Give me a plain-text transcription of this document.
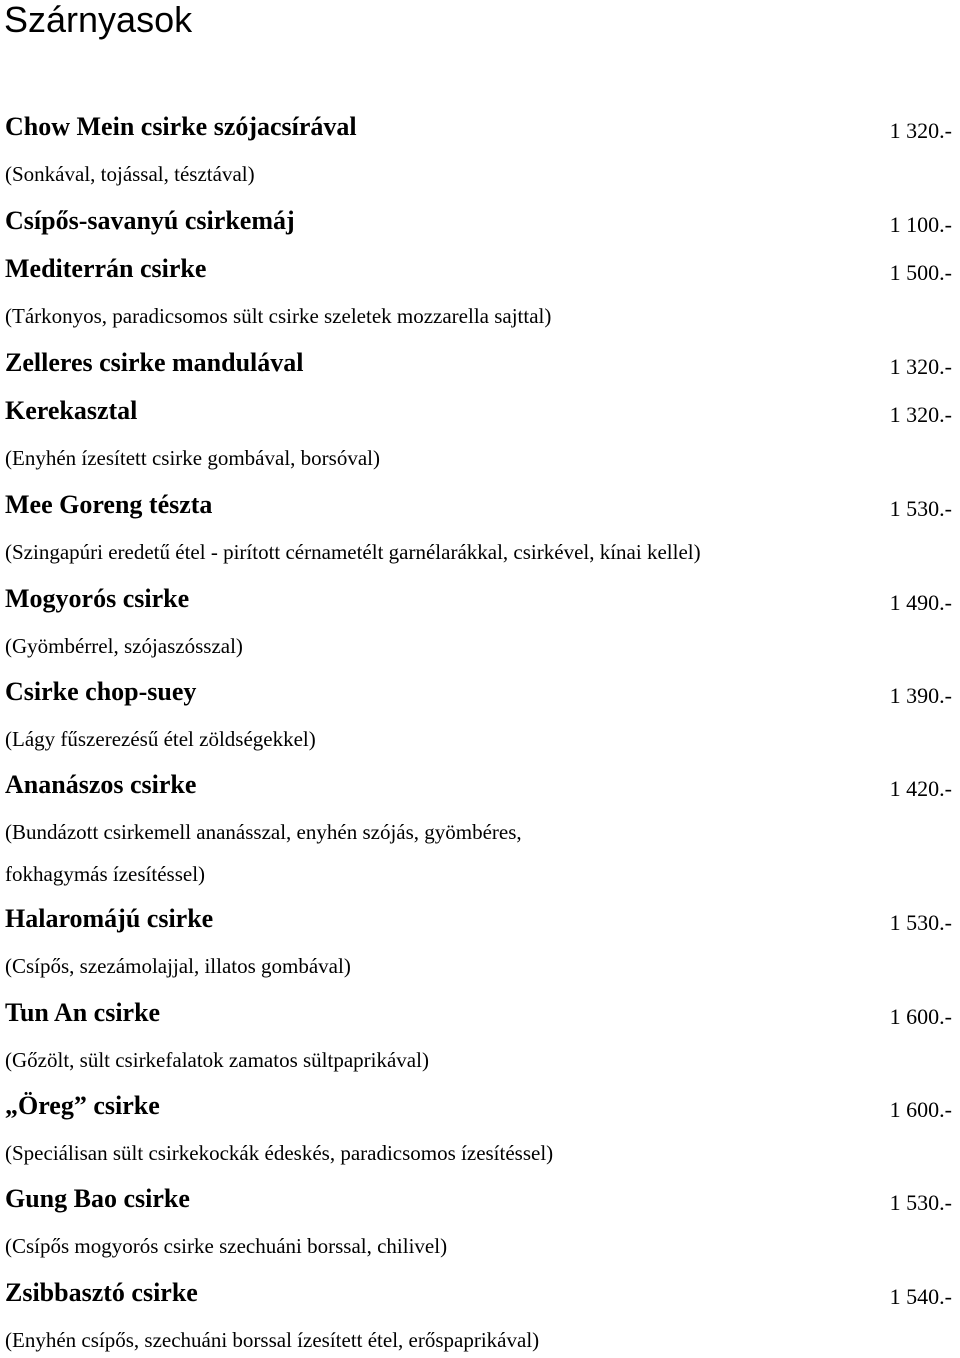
Szárnyasok
Chow Mein csirke szójacsírával	1 320.-
(Sonkával, tojással, tésztával)
Csípős-savanyú csirkemáj	1 100.-
Mediterrán csirke	1 500.-
(Tárkonyos, paradicsomos sült csirke szeletek mozzarella sajttal)
Zelleres csirke mandulával	1 320.-
Kerekasztal	1 320.-
(Enyhén ízesített csirke gombával, borsóval)
Mee Goreng tészta	1 530.-
(Szingapúri eredetű étel - pirított cérnametélt garnélarákkal, csirkével, kínai kellel)
Mogyorós csirke	1 490.-
(Gyömbérrel, szójaszósszal)
Csirke chop-suey	1 390.-
(Lágy fűszerezésű étel zöldségekkel)
Ananászos csirke	1 420.-
(Bundázott csirkemell ananásszal, enyhén szójás, gyömbéres,
fokhagymás ízesítéssel)
Halaromájú csirke	1 530.-
(Csípős, szezámolajjal, illatos gombával)
Tun An csirke	1 600.-
(Gőzölt, sült csirkefalatok zamatos sültpaprikával)
„Öreg” csirke	1 600.-
(Speciálisan sült csirkekockák édeskés, paradicsomos ízesítéssel)
Gung Bao csirke	1 530.-
(Csípős mogyorós csirke szechuáni borssal, chilivel)
Zsibbasztó csirke	1 540.-
(Enyhén csípős, szechuáni borssal ízesített étel, erőspaprikával)
